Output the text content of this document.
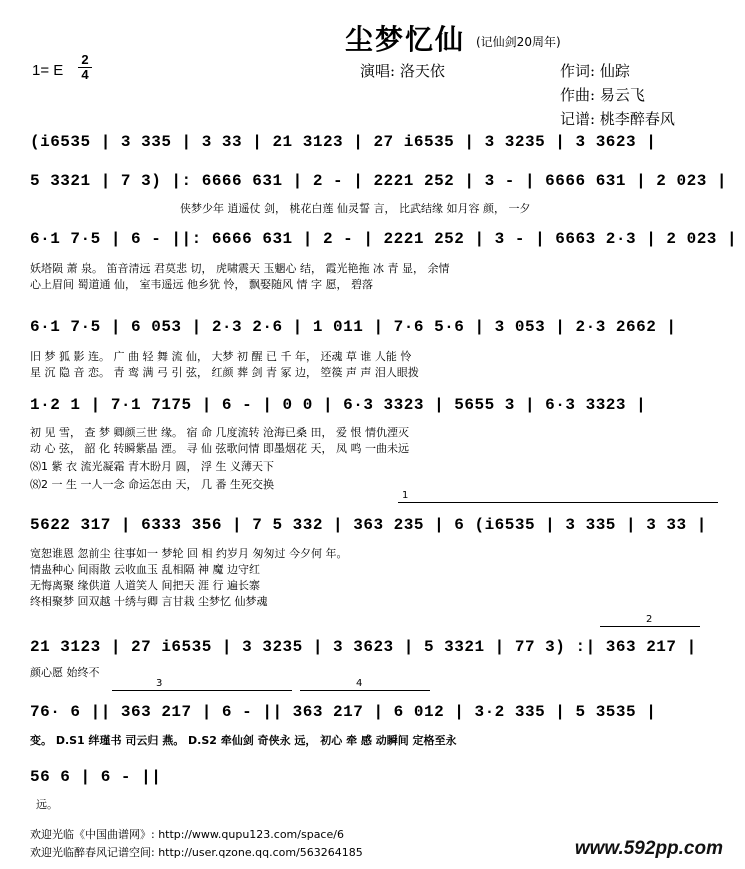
尘梦忆仙 (记仙剑20周年)
1= E
2
4	演唱: 洛天依	作词: 仙踪
作曲: 易云飞
记谱: 桃李醉春风
(i6535 | 3 335 | 3 33 | 21 3123 | 27 i6535 | 3 3235 | 3 3623 |
5 3321 | 7 3) |: 6666 631 | 2 - | 2221 252 | 3 - | 6666 631 | 2 023 |
侠梦少年 逍遥仗 剑， 桃花白莲 仙灵誓 言， 比武结缘 如月容 颜， 一夕
6·1 7·5 | 6 - ||: 6666 631 | 2 - | 2221 252 | 3 - | 6663 2·3 | 2 023 |
妖塔陨 萧 泉。 笛音清远 君莫悲 切， 虎啸震天 玉魍心 结， 霞光艳拖 冰 青 显， 余情
心上眉间 蜀道通 仙， 室韦遥远 他乡犹 怜， 飘娶随风 情 字 愿， 碧落
6·1 7·5 | 6 053 | 2·3 2·6 | 1 011 | 7·6 5·6 | 3 053 | 2·3 2662 |
旧 梦 狐 影 连。 广 曲 轻 舞 流 仙， 大梦 初 醒 已 千 年， 还魂 草 谁 人能 怜
星 沉 隐 音 恋。 青 鸾 满 弓 引 弦， 红颜 葬 剑 青 冢 边， 箜篌 声 声 泪人眼拨
1·2 1 | 7·1 7175 | 6 - | 0 0 | 6·3 3323 | 5655 3 | 6·3 3323 |
初 见 雪， 查 梦 卿颜三世 缘。 宿 命 几度流转 沧海已桑 田， 爱 恨 情仇湮灭
动 心 弦， 韶 化 转瞬紫晶 湮。 寻 仙 弦歌问情 即墨烟花 天， 凤 鸣 一曲未远
⑻1 紫 衣 流光凝霜 青木盼月 圆， 浮 生 义薄天下
⑻2 一 生 一人一念 命运怎由 天， 几 番 生死交换
1
5622 317 | 6333 356 | 7 5 332 | 363 235 | 6 (i6535 | 3 335 | 3 33 |
宽恕谁恩 忽前尘 往事如一 梦轮 回 相 约岁月 匆匆过 今夕何 年。
情蛊种心 间雨散 云收血玉 乱相隔 神 魔 边守红
无悔离聚 缘供道 人道笑人 间把天 涯 行 遍长寨
终相聚梦 回双越 十绣与卿 言甘栽 尘梦忆 仙梦魂
2
21 3123 | 27 i6535 | 3 3235 | 3 3623 | 5 3321 | 77 3) :| 363 217 |
颜心愿 始终不
3	4
76· 6 || 363 217 | 6 - || 363 217 | 6 012 | 3·2 335 | 5 3535 |
变。 D.S1 绊瑾书 司云归 燕。 D.S2 牵仙剑 奇侠永 远， 初心 牵 感 动瞬间 定格至永
56 6 | 6 - ||
远。
欢迎光临《中国曲谱网》: http://www.qupu123.com/space/6
欢迎光临醉春风记谱空间: http://user.qzone.qq.com/563264185	www.592pp.com
